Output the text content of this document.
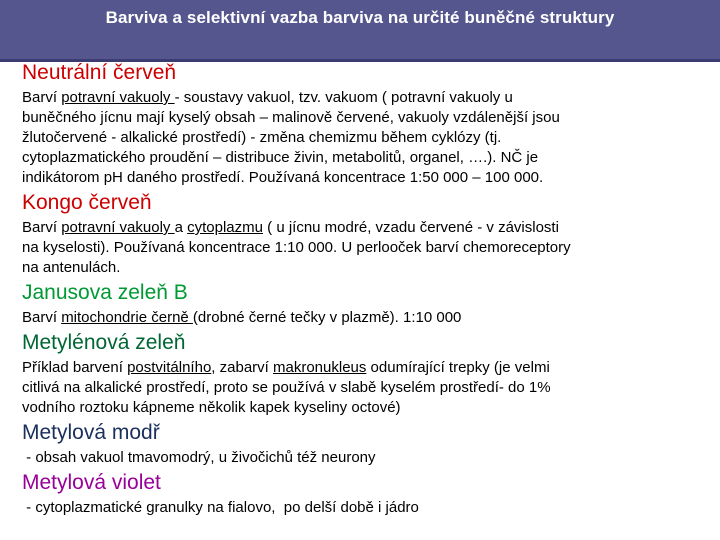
Barviva a selektivní vazba barviva na určité buněčné struktury
Neutrální červeň
Barví potravní vakuoly - soustavy vakuol, tzv. vakuom ( potravní vakuoly u
buněčného jícnu mají kyselý obsah – malinově červené, vakuoly vzdálenější jsou
žlutočervené - alkalické prostředí) - změna chemizmu během cyklózy (tj.
cytoplazmatického proudění – distribuce živin, metabolitů, organel, ….). NČ je
indikátorom pH daného prostředí. Používaná koncentrace 1:50 000 – 100 000.
Kongo červeň
Barví potravní vakuoly a cytoplazmu ( u jícnu modré, vzadu červené - v závislosti
na kyselosti). Používaná koncentrace 1:10 000. U perlooček barví chemoreceptory
na antenulách.
Janusova zeleň B
Barví mitochondrie černě (drobné černé tečky v plazmě). 1:10 000
Metylénová zeleň
Příklad barvení postvitálního, zabarví makronukleus odumírající trepky (je velmi
citlivá na alkalické prostředí, proto se používá v slabě kyselém prostředí- do 1%
vodního roztoku kápneme několik kapek kyseliny octové)
Metylová modř
- obsah vakuol tmavomodrý, u živočichů též neurony
Metylová violet
- cytoplazmatické granulky na fialovo,  po delší době i jádro
